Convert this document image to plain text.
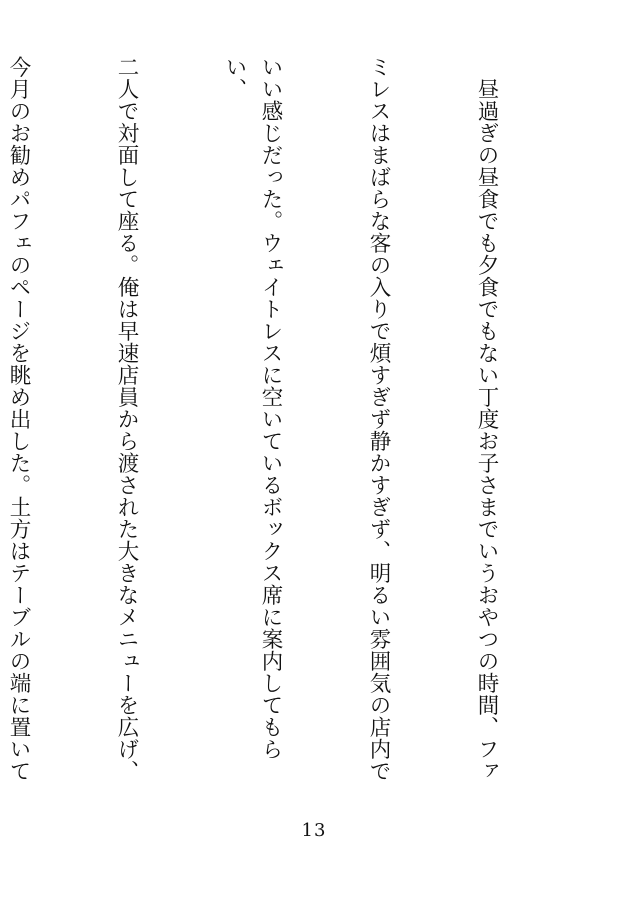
　昼過ぎの昼食でも夕食でもない丁度お子さまでいうおやつの時間、ファ

ミレスはまばらな客の入りで煩すぎず静かすぎず、明るい雰囲気の店内で

いい感じだった。ウェイトレスに空いているボックス席に案内してもらい、

二人で対面して座る。俺は早速店員から渡された大きなメニューを広げ、

今月のお勧めパフェのページを眺め出した。土方はテーブルの端に置いて

13
